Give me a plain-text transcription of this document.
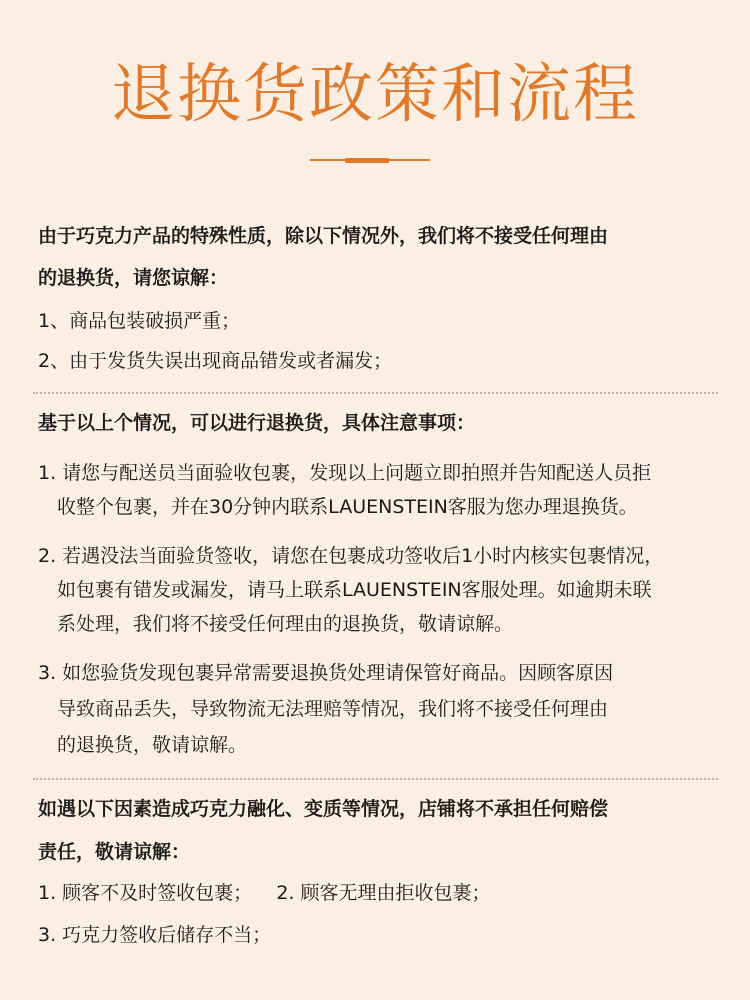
退换货政策和流程
由于巧克力产品的特殊性质，除以下情况外，我们将不接受任何理由
的退换货，请您谅解：
1、商品包装破损严重；
2、由于发货失误出现商品错发或者漏发；
基于以上个情况，可以进行退换货，具体注意事项：
1. 请您与配送员当面验收包裹，发现以上问题立即拍照并告知配送人员拒
收整个包裹，并在30分钟内联系LAUENSTEIN客服为您办理退换货。
2. 若遇没法当面验货签收，请您在包裹成功签收后1小时内核实包裹情况，
如包裹有错发或漏发，请马上联系LAUENSTEIN客服处理。如逾期未联
系处理，我们将不接受任何理由的退换货，敬请谅解。
3. 如您验货发现包裹异常需要退换货处理请保管好商品。因顾客原因
导致商品丢失，导致物流无法理赔等情况，我们将不接受任何理由
的退换货，敬请谅解。
如遇以下因素造成巧克力融化、变质等情况，店铺将不承担任何赔偿
责任，敬请谅解：
1. 顾客不及时签收包裹；    2. 顾客无理由拒收包裹；
3. 巧克力签收后储存不当；
